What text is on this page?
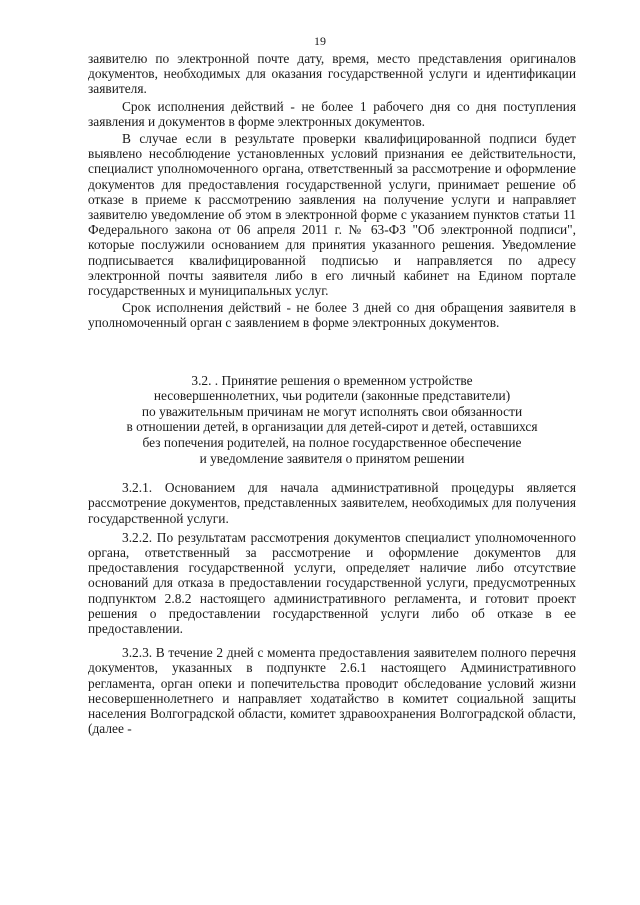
19

заявителю по электронной почте дату, время, место представления оригиналов документов, необходимых для оказания государственной услуги и идентификации заявителя.

Срок исполнения действий - не более 1 рабочего дня со дня поступления заявления и документов в форме электронных документов.

В случае если в результате проверки квалифицированной подписи будет выявлено несоблюдение установленных условий признания ее действительности, специалист уполномоченного органа, ответственный за рассмотрение и оформление документов для предоставления государственной услуги, принимает решение об отказе в приеме к рассмотрению заявления на получение услуги и направляет заявителю уведомление об этом в электронной форме с указанием пунктов статьи 11 Федерального закона от 06 апреля 2011 г. № 63-ФЗ "Об электронной подписи", которые послужили основанием для принятия указанного решения. Уведомление подписывается квалифицированной подписью и направляется по адресу электронной почты заявителя либо в его личный кабинет на Едином портале государственных и муниципальных услуг.

Срок исполнения действий - не более 3 дней со дня обращения заявителя в уполномоченный орган с заявлением в форме электронных документов.

3.2. . Принятие решения о временном устройстве
несовершеннолетних, чьи родители (законные представители)
по уважительным причинам не могут исполнять свои обязанности
в отношении детей, в организации для детей-сирот и детей, оставшихся
без попечения родителей, на полное государственное обеспечение
и уведомление заявителя о принятом решении

3.2.1. Основанием для начала административной процедуры является рассмотрение документов, представленных заявителем, необходимых для получения государственной услуги.

3.2.2. По результатам рассмотрения документов специалист уполномоченного органа, ответственный за рассмотрение и оформление документов для предоставления государственной услуги, определяет наличие либо отсутствие оснований для отказа в предоставлении государственной услуги, предусмотренных подпунктом 2.8.2 настоящего административного регламента, и готовит проект решения о предоставлении государственной услуги либо об отказе в ее предоставлении.

3.2.3. В течение 2 дней с момента предоставления заявителем полного перечня документов, указанных в подпункте 2.6.1 настоящего Административного регламента, орган опеки и попечительства проводит обследование условий жизни несовершеннолетнего и направляет ходатайство в комитет социальной защиты населения Волгоградской области, комитет здравоохранения Волгоградской области, (далее -
